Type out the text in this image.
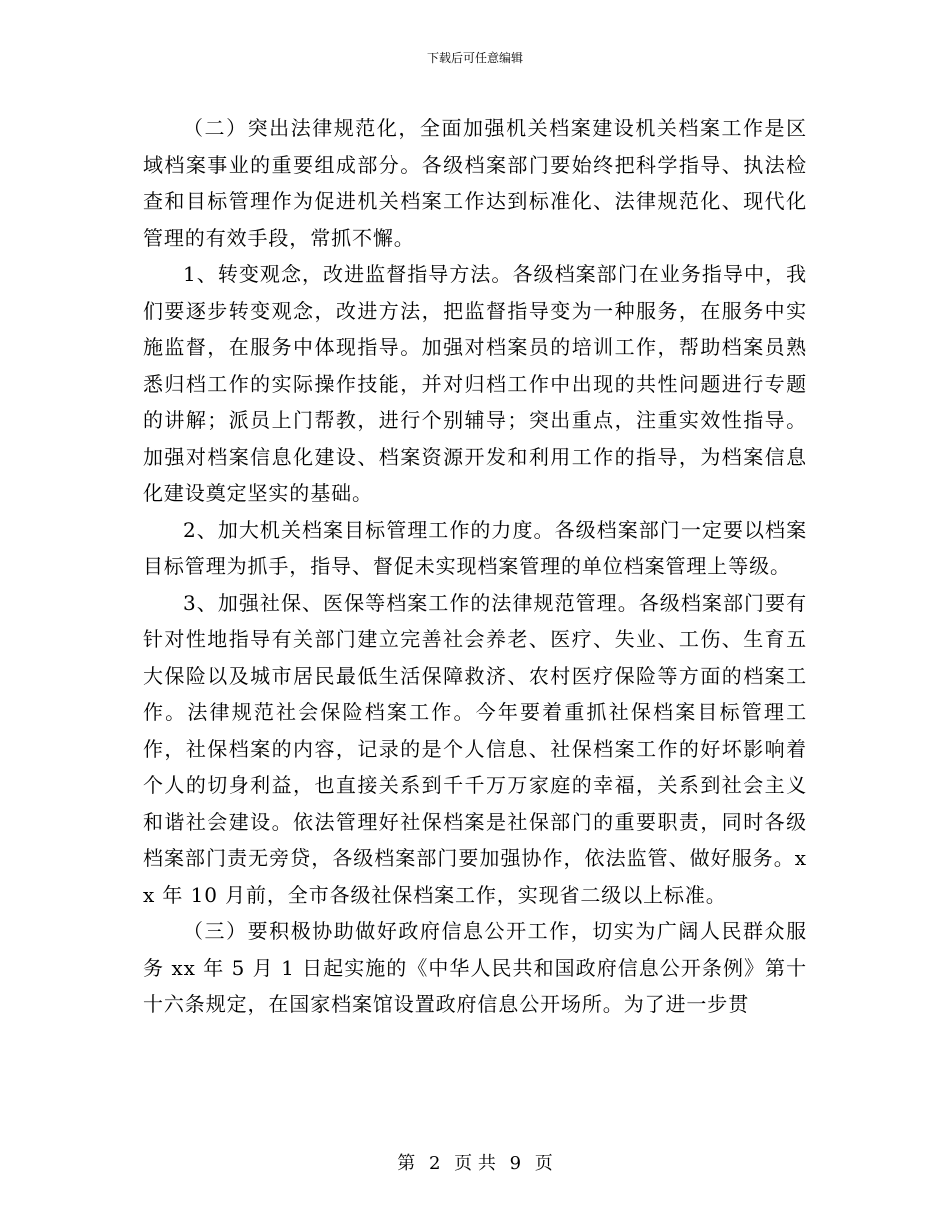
下载后可任意编辑

（二）突出法律规范化，全面加强机关档案建设机关档案工作是区域档案事业的重要组成部分。各级档案部门要始终把科学指导、执法检查和目标管理作为促进机关档案工作达到标准化、法律规范化、现代化管理的有效手段，常抓不懈。

1、转变观念，改进监督指导方法。各级档案部门在业务指导中，我们要逐步转变观念，改进方法，把监督指导变为一种服务，在服务中实施监督，在服务中体现指导。加强对档案员的培训工作，帮助档案员熟悉归档工作的实际操作技能，并对归档工作中出现的共性问题进行专题的讲解；派员上门帮教，进行个别辅导；突出重点，注重实效性指导。加强对档案信息化建设、档案资源开发和利用工作的指导，为档案信息化建设奠定坚实的基础。

2、加大机关档案目标管理工作的力度。各级档案部门一定要以档案目标管理为抓手，指导、督促未实现档案管理的单位档案管理上等级。

3、加强社保、医保等档案工作的法律规范管理。各级档案部门要有针对性地指导有关部门建立完善社会养老、医疗、失业、工伤、生育五大保险以及城市居民最低生活保障救济、农村医疗保险等方面的档案工作。法律规范社会保险档案工作。今年要着重抓社保档案目标管理工作，社保档案的内容，记录的是个人信息、社保档案工作的好坏影响着个人的切身利益，也直接关系到千千万万家庭的幸福，关系到社会主义和谐社会建设。依法管理好社保档案是社保部门的重要职责，同时各级档案部门责无旁贷，各级档案部门要加强协作，依法监管、做好服务。xx 年 10 月前，全市各级社保档案工作，实现省二级以上标准。

（三）要积极协助做好政府信息公开工作，切实为广阔人民群众服务 xx 年 5 月 1 日起实施的《中华人民共和国政府信息公开条例》第十十六条规定，在国家档案馆设置政府信息公开场所。为了进一步贯

第 2 页 共 9 页
